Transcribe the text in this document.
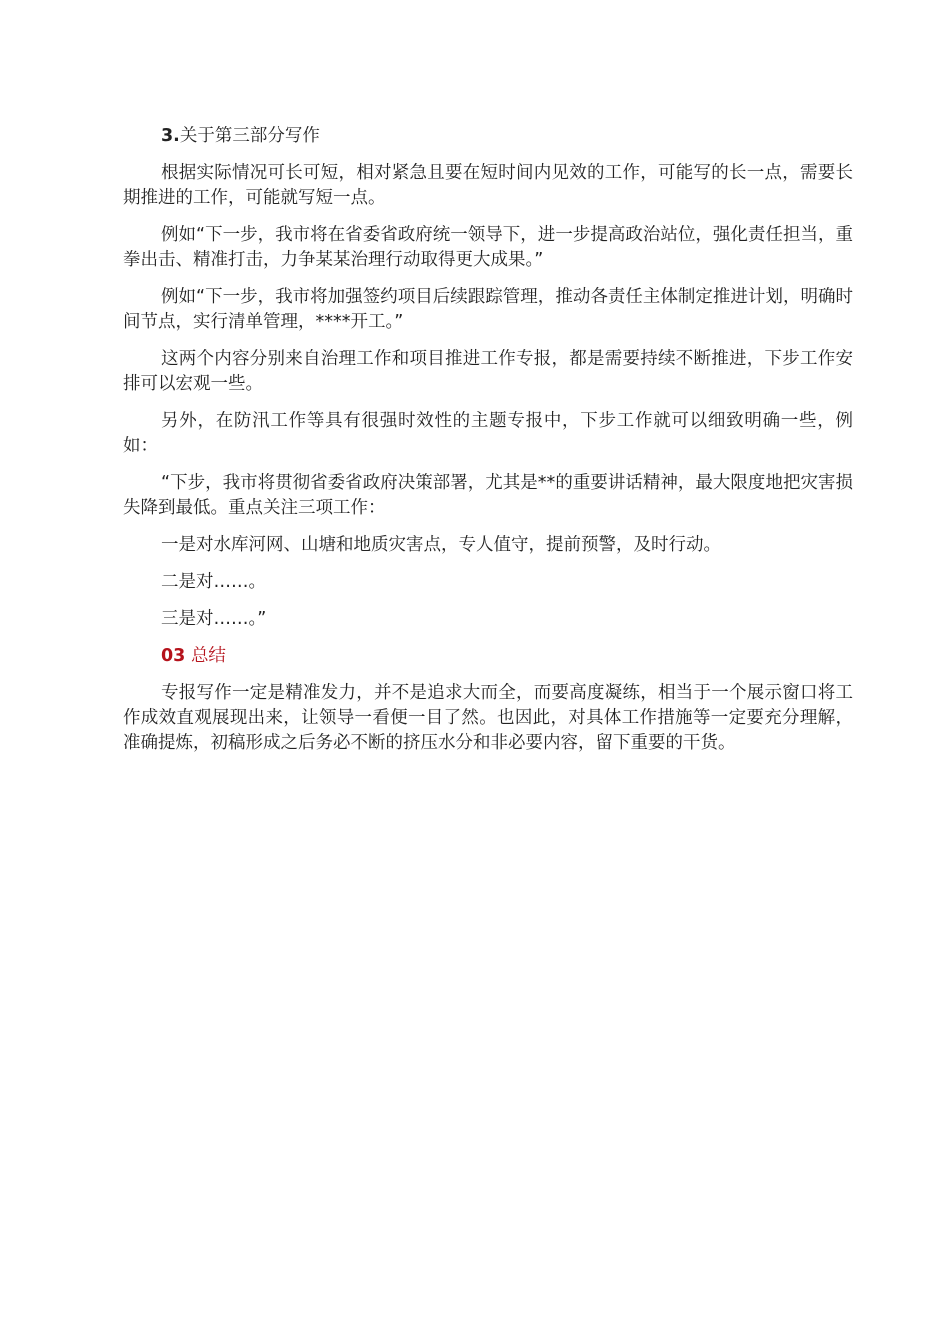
3.关于第三部分写作

根据实际情况可长可短，相对紧急且要在短时间内见效的工作，可能写的长一点，需要长期推进的工作，可能就写短一点。

例如“下一步，我市将在省委省政府统一领导下，进一步提高政治站位，强化责任担当，重拳出击、精准打击，力争某某治理行动取得更大成果。”

例如“下一步，我市将加强签约项目后续跟踪管理，推动各责任主体制定推进计划，明确时间节点，实行清单管理，****开工。”

这两个内容分别来自治理工作和项目推进工作专报，都是需要持续不断推进，下步工作安排可以宏观一些。

另外，在防汛工作等具有很强时效性的主题专报中，下步工作就可以细致明确一些，例如：

“下步，我市将贯彻省委省政府决策部署，尤其是**的重要讲话精神，最大限度地把灾害损失降到最低。重点关注三项工作：

一是对水库河网、山塘和地质灾害点，专人值守，提前预警，及时行动。

二是对……。

三是对……。”

03 总结

专报写作一定是精准发力，并不是追求大而全，而要高度凝练，相当于一个展示窗口将工作成效直观展现出来，让领导一看便一目了然。也因此，对具体工作措施等一定要充分理解，准确提炼，初稿形成之后务必不断的挤压水分和非必要内容，留下重要的干货。
